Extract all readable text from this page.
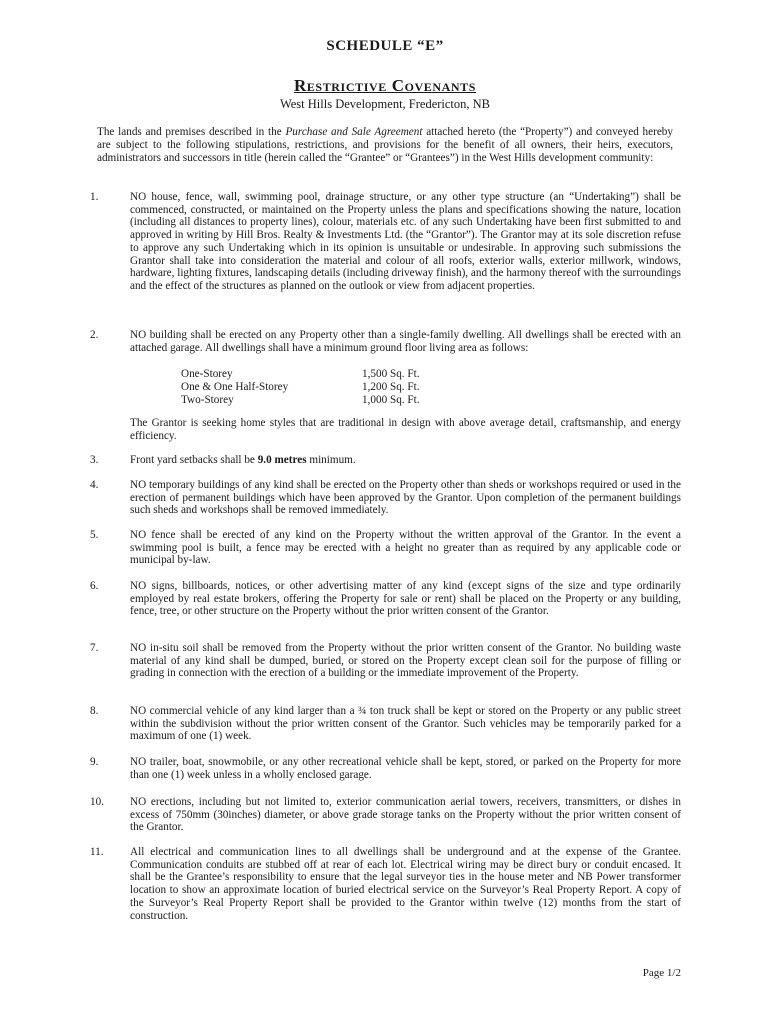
SCHEDULE “E”
Restrictive Covenants
West Hills Development, Fredericton, NB
The lands and premises described in the Purchase and Sale Agreement attached hereto (the “Property”) and conveyed hereby are subject to the following stipulations, restrictions, and provisions for the benefit of all owners, their heirs, executors, administrators and successors in title (herein called the “Grantee” or “Grantees”) in the West Hills development community:
1.	NO house, fence, wall, swimming pool, drainage structure, or any other type structure (an “Undertaking”) shall be commenced, constructed, or maintained on the Property unless the plans and specifications showing the nature, location (including all distances to property lines), colour, materials etc. of any such Undertaking have been first submitted to and approved in writing by Hill Bros. Realty & Investments Ltd. (the “Grantor”). The Grantor may at its sole discretion refuse to approve any such Undertaking which in its opinion is unsuitable or undesirable. In approving such submissions the Grantor shall take into consideration the material and colour of all roofs, exterior walls, exterior millwork, windows, hardware, lighting fixtures, landscaping details (including driveway finish), and the harmony thereof with the surroundings and the effect of the structures as planned on the outlook or view from adjacent properties.
2.	NO building shall be erected on any Property other than a single-family dwelling. All dwellings shall be erected with an attached garage. All dwellings shall have a minimum ground floor living area as follows:
One-Storey	1,500 Sq. Ft.
One & One Half-Storey	1,200 Sq. Ft.
Two-Storey	1,000 Sq. Ft.
The Grantor is seeking home styles that are traditional in design with above average detail, craftsmanship, and energy efficiency.
3.	Front yard setbacks shall be 9.0 metres minimum.
4.	NO temporary buildings of any kind shall be erected on the Property other than sheds or workshops required or used in the erection of permanent buildings which have been approved by the Grantor. Upon completion of the permanent buildings such sheds and workshops shall be removed immediately.
5.	NO fence shall be erected of any kind on the Property without the written approval of the Grantor. In the event a swimming pool is built, a fence may be erected with a height no greater than as required by any applicable code or municipal by-law.
6.	NO signs, billboards, notices, or other advertising matter of any kind (except signs of the size and type ordinarily employed by real estate brokers, offering the Property for sale or rent) shall be placed on the Property or any building, fence, tree, or other structure on the Property without the prior written consent of the Grantor.
7.	NO in-situ soil shall be removed from the Property without the prior written consent of the Grantor. No building waste material of any kind shall be dumped, buried, or stored on the Property except clean soil for the purpose of filling or grading in connection with the erection of a building or the immediate improvement of the Property.
8.	NO commercial vehicle of any kind larger than a ¾ ton truck shall be kept or stored on the Property or any public street within the subdivision without the prior written consent of the Grantor. Such vehicles may be temporarily parked for a maximum of one (1) week.
9.	NO trailer, boat, snowmobile, or any other recreational vehicle shall be kept, stored, or parked on the Property for more than one (1) week unless in a wholly enclosed garage.
10.	NO erections, including but not limited to, exterior communication aerial towers, receivers, transmitters, or dishes in excess of 750mm (30inches) diameter, or above grade storage tanks on the Property without the prior written consent of the Grantor.
11.	All electrical and communication lines to all dwellings shall be underground and at the expense of the Grantee. Communication conduits are stubbed off at rear of each lot. Electrical wiring may be direct bury or conduit encased. It shall be the Grantee’s responsibility to ensure that the legal surveyor ties in the house meter and NB Power transformer location to show an approximate location of buried electrical service on the Surveyor’s Real Property Report. A copy of the Surveyor’s Real Property Report shall be provided to the Grantor within twelve (12) months from the start of construction.
Page 1/2
